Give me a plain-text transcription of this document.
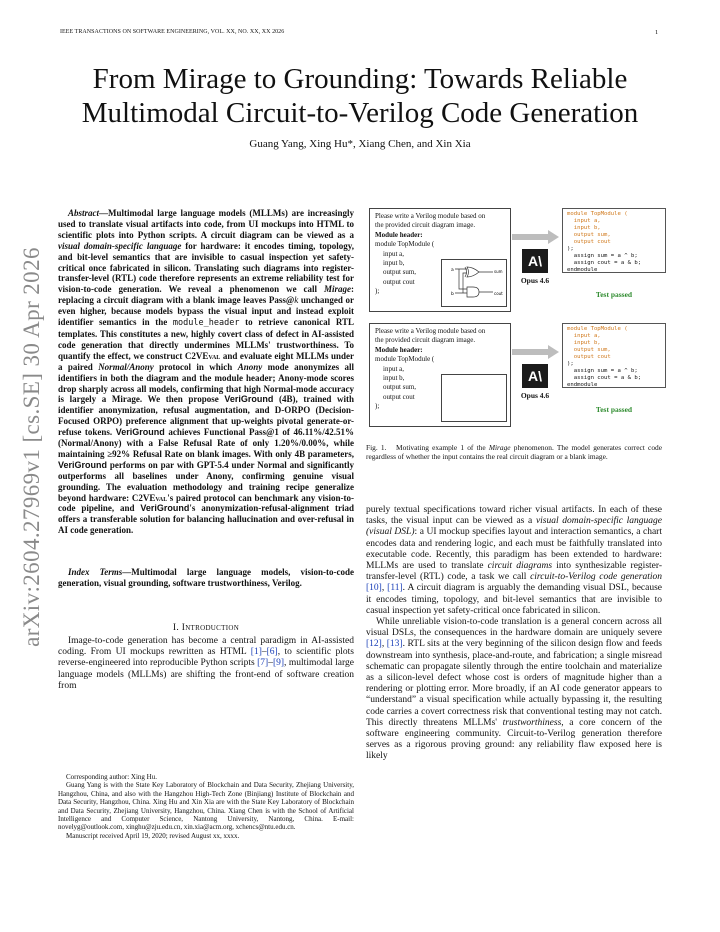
IEEE TRANSACTIONS ON SOFTWARE ENGINEERING, VOL. XX, NO. XX, XX 2026	1
From Mirage to Grounding: Towards Reliable
Multimodal Circuit-to-Verilog Code Generation
Guang Yang, Xing Hu*, Xiang Chen, and Xin Xia
arXiv:2604.27969v1 [cs.SE] 30 Apr 2026
Abstract—Multimodal large language models (MLLMs) are increasingly used to translate visual artifacts into code, from UI mockups into HTML to scientific plots into Python scripts. A circuit diagram can be viewed as a visual domain-specific language for hardware: it encodes timing, topology, and bit-level semantics that are invisible to casual inspection yet safety-critical once fabricated in silicon. Translating such diagrams into register-transfer-level (RTL) code therefore represents an extreme reliability test for vision-to-code generation. We reveal a phenomenon we call Mirage: replacing a circuit diagram with a blank image leaves Pass@k unchanged or even higher, because models bypass the visual input and instead exploit identifier semantics in the module_header to retrieve canonical RTL templates. This constitutes a new, highly covert class of defect in AI-assisted code generation that directly undermines MLLMs' trustworthiness. To quantify the effect, we construct C2VEval and evaluate eight MLLMs under a paired Normal/Anony protocol in which Anony mode anonymizes all identifiers in both the diagram and the module header; Anony-mode scores drop sharply across all models, confirming that high Normal-mode accuracy is largely a Mirage. We then propose VeriGround (4B), trained with identifier anonymization, refusal augmentation, and D-ORPO (Decision-Focused ORPO) preference alignment that up-weights pivotal generate-or-refuse tokens. VeriGround achieves Functional Pass@1 of 46.11%/42.51% (Normal/Anony) with a False Refusal Rate of only 1.20%/0.00%, while maintaining ≥92% Refusal Rate on blank images. With only 4B parameters, VeriGround performs on par with GPT-5.4 under Normal and significantly outperforms all baselines under Anony, confirming genuine visual grounding. The evaluation methodology and training recipe generalize beyond hardware: C2VEval's paired protocol can benchmark any vision-to-code pipeline, and VeriGround's anonymization-refusal-alignment triad offers a transferable solution for balancing hallucination and over-refusal in AI code generation.
Index Terms—Multimodal large language models, vision-to-code generation, visual grounding, software trustworthiness, Verilog.
I. Introduction

Image-to-code generation has become a central paradigm in AI-assisted coding. From UI mockups rewritten as HTML [1]–[6], to scientific plots reverse-engineered into reproducible Python scripts [7]–[9], multimodal large language models (MLLMs) are shifting the front-end of software creation from

Corresponding author: Xing Hu.

Guang Yang is with the State Key Laboratory of Blockchain and Data Security, Zhejiang University, Hangzhou, China, and also with the Hangzhou High-Tech Zone (Binjiang) Institute of Blockchain and Data Security, Hangzhou, China. Xing Hu and Xin Xia are with the State Key Laboratory of Blockchain and Data Security, Zhejiang University, Hangzhou, China. Xiang Chen is with the School of Artificial Intelligence and Computer Science, Nantong University, Nantong, China. E-mail: novelyg@outlook.com, xinghu@zju.edu.cn, xin.xia@acm.org, xchencs@ntu.edu.cn.

Manuscript received April 19, 2020; revised August xx, xxxx.

Please write a Verilog module based on
the provided circuit diagram image.
Module header:
module TopModule (
input a,
input b,
output sum,
output cout
);
a
b
sum
cout
A\
Opus 4.6
module TopModule (
input a,
input b,
output sum,
output cout
);
assign sum = a ^ b;
assign cout = a & b;
endmodule
Test passed
Please write a Verilog module based on
the provided circuit diagram image.
Module header:
module TopModule (
input a,
input b,
output sum,
output cout
);
A\
Opus 4.6
module TopModule (
input a,
input b,
output sum,
output cout
);
assign sum = a ^ b;
assign cout = a & b;
endmodule
Test passed
Fig. 1.   Motivating example 1 of the Mirage phenomenon. The model generates correct code regardless of whether the input contains the real circuit diagram or a blank image.

purely textual specifications toward richer visual artifacts. In each of these tasks, the visual input can be viewed as a visual domain-specific language (visual DSL): a UI mockup specifies layout and interaction semantics, a chart encodes data and rendering logic, and each must be faithfully translated into executable code. Recently, this paradigm has been extended to hardware: MLLMs are used to translate circuit diagrams into synthesizable register-transfer-level (RTL) code, a task we call circuit-to-Verilog code generation [10], [11]. A circuit diagram is arguably the demanding visual DSL, because it encodes timing, topology, and bit-level semantics that are invisible to casual inspection yet safety-critical once fabricated in silicon.

While unreliable vision-to-code translation is a general concern across all visual DSLs, the consequences in the hardware domain are uniquely severe [12], [13]. RTL sits at the very beginning of the silicon design flow and feeds downstream into synthesis, place-and-route, and fabrication; a single misread schematic can propagate silently through the entire toolchain and materialize as a silicon-level defect whose cost is orders of magnitude higher than a rendering or plotting error. More broadly, if an AI code generator appears to “understand” a visual specification while actually bypassing it, the resulting code carries a covert correctness risk that conventional testing may not catch. This directly threatens MLLMs' trustworthiness, a core concern of the software engineering community. Circuit-to-Verilog generation therefore serves as a rigorous proving ground: any reliability flaw exposed here is likely
